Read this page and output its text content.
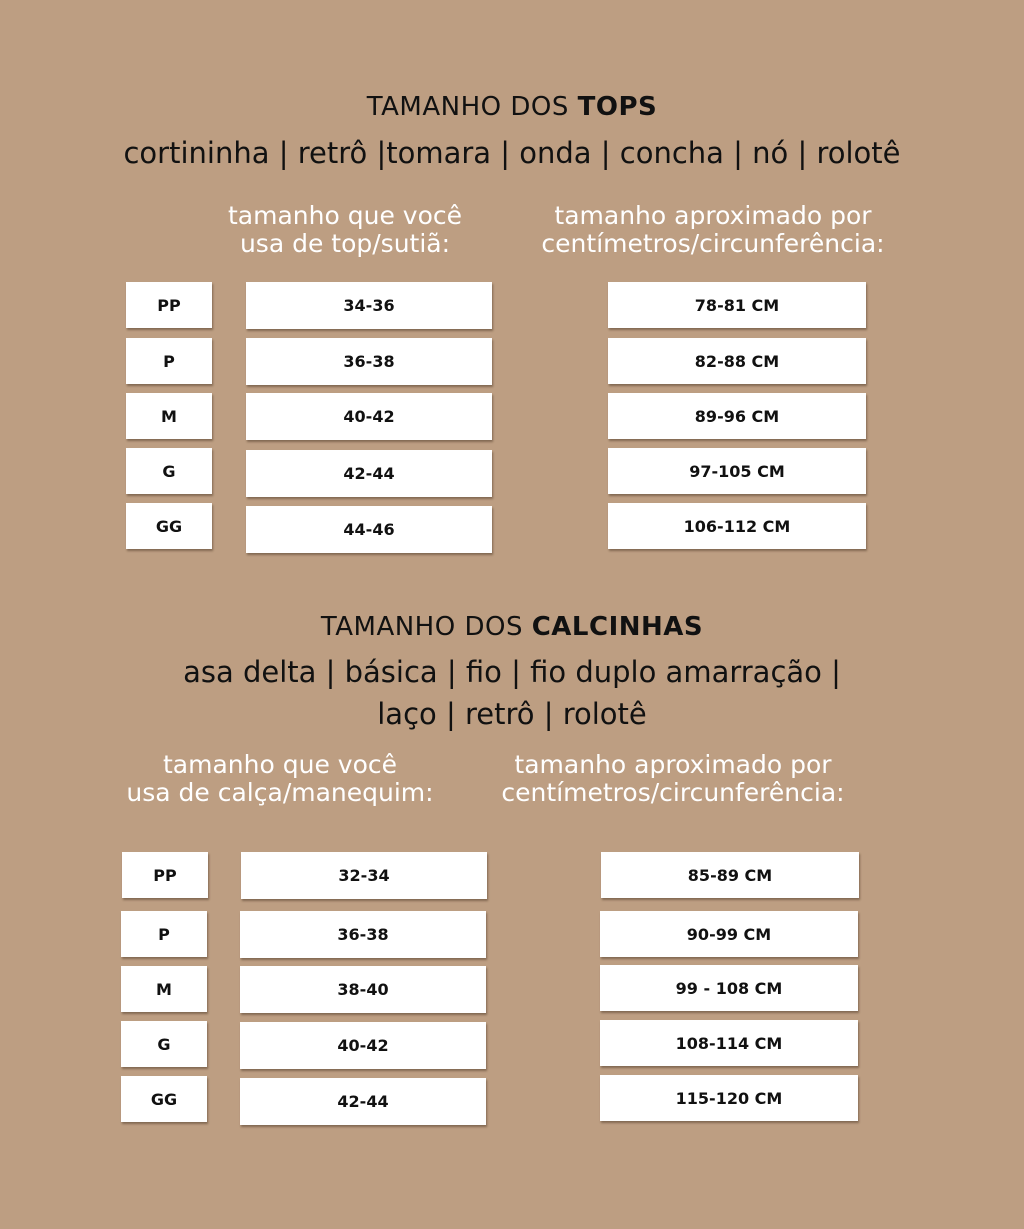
TAMANHO DOS TOPS
cortininha | retrô |tomara | onda | concha | nó | rolotê
tamanho que você
usa de top/sutiã:
tamanho aproximado por
centímetros/circunferência:
PP	34-36	78-81 CM
P	36-38	82-88 CM
M	40-42	89-96 CM
G	42-44	97-105 CM
GG	44-46	106-112 CM
TAMANHO DOS CALCINHAS
asa delta | básica | fio | fio duplo amarração |
laço | retrô | rolotê
tamanho que você
usa de calça/manequim:
tamanho aproximado por
centímetros/circunferência:
PP	32-34	85-89 CM
P	36-38	90-99 CM
M	38-40	99 - 108 CM
G	40-42	108-114 CM
GG	42-44	115-120 CM
